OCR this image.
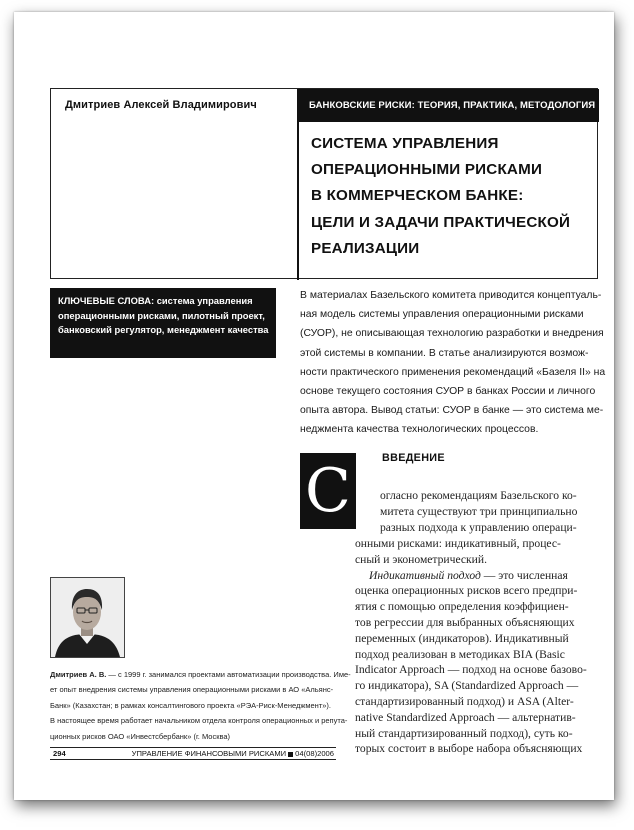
Дмитриев Алексей Владимирович	БАНКОВСКИЕ РИСКИ: ТЕОРИЯ, ПРАКТИКА, МЕТОДОЛОГИЯ
СИСТЕМА УПРАВЛЕНИЯ
ОПЕРАЦИОННЫМИ РИСКАМИ
В КОММЕРЧЕСКОМ БАНКЕ:
ЦЕЛИ И ЗАДАЧИ ПРАКТИЧЕСКОЙ
РЕАЛИЗАЦИИ
КЛЮЧЕВЫЕ СЛОВА: система управления
операционными рисками, пилотный проект,
банковский регулятор, менеджмент качества
В материалах Базельского комитета приводится концептуаль-
ная модель системы управления операционными рисками
(СУОР), не описывающая технологию разработки и внедрения
этой системы в компании. В статье анализируются возмож-
ности практического применения рекомендаций «Базеля II» на
основе текущего состояния СУОР в банках России и личного
опыта автора. Вывод статьи: СУОР в банке — это система ме-
неджмента качества технологических процессов.
С	ВВЕДЕНИЕ
огласно рекомендациям Базельского ко-
митета существуют три принципиально
разных подхода к управлению операци-
онными рисками: индикативный, процес-
сный и эконометрический.
Индикативный подход — это численная
оценка операционных рисков всего предпри-
ятия с помощью определения коэффициен-
тов регрессии для выбранных объясняющих
переменных (индикаторов). Индикативный
подход реализован в методиках BIA (Basic
Indicator Approach — подход на основе базово-
го индикатора), SA (Standardized Approach —
стандартизированный подход) и ASA (Alter-
native Standardized Approach — альтернатив-
ный стандартизированный подход), суть ко-
торых состоит в выборе набора объясняющих
Дмитриев А. В. — с 1999 г. занимался проектами автоматизации производства. Име-
ет опыт внедрения системы управления операционными рисками в АО «Альянс-
Банк» (Казахстан; в рамках консалтингового проекта «РЭА-Риск-Менеджмент»).
В настоящее время работает начальником отдела контроля операционных и репута-
ционных рисков ОАО «Инвестсбербанк» (г. Москва)
294	УПРАВЛЕНИЕ ФИНАНСОВЫМИ РИСКАМИ 04(08)2006
